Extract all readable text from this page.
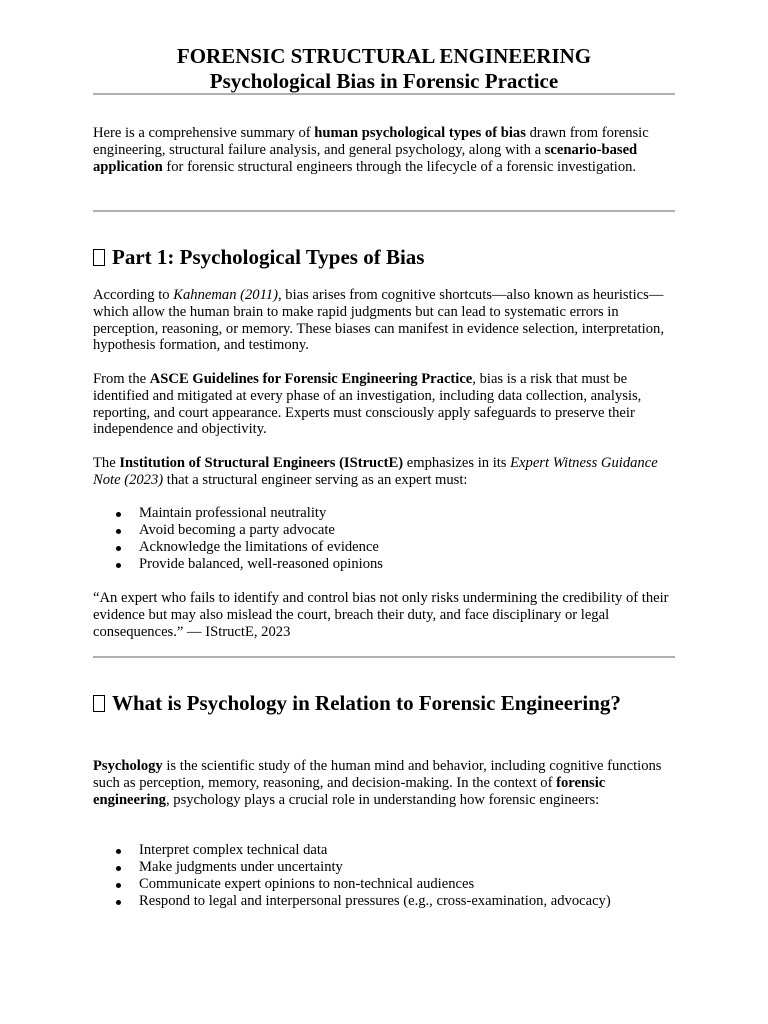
FORENSIC STRUCTURAL ENGINEERING
Psychological Bias in Forensic Practice

Here is a comprehensive summary of human psychological types of bias drawn from forensic engineering, structural failure analysis, and general psychology, along with a scenario-based application for forensic structural engineers through the lifecycle of a forensic investigation.

Part 1: Psychological Types of Bias

According to Kahneman (2011), bias arises from cognitive shortcuts—also known as heuristics—which allow the human brain to make rapid judgments but can lead to systematic errors in perception, reasoning, or memory. These biases can manifest in evidence selection, interpretation, hypothesis formation, and testimony.

From the ASCE Guidelines for Forensic Engineering Practice, bias is a risk that must be identified and mitigated at every phase of an investigation, including data collection, analysis, reporting, and court appearance. Experts must consciously apply safeguards to preserve their independence and objectivity.

The Institution of Structural Engineers (IStructE) emphasizes in its Expert Witness Guidance Note (2023) that a structural engineer serving as an expert must:

Maintain professional neutrality
Avoid becoming a party advocate
Acknowledge the limitations of evidence
Provide balanced, well-reasoned opinions

“An expert who fails to identify and control bias not only risks undermining the credibility of their evidence but may also mislead the court, breach their duty, and face disciplinary or legal consequences.” — IStructE, 2023

What is Psychology in Relation to Forensic Engineering?

Psychology is the scientific study of the human mind and behavior, including cognitive functions such as perception, memory, reasoning, and decision-making. In the context of forensic engineering, psychology plays a crucial role in understanding how forensic engineers:

Interpret complex technical data
Make judgments under uncertainty
Communicate expert opinions to non-technical audiences
Respond to legal and interpersonal pressures (e.g., cross-examination, advocacy)
